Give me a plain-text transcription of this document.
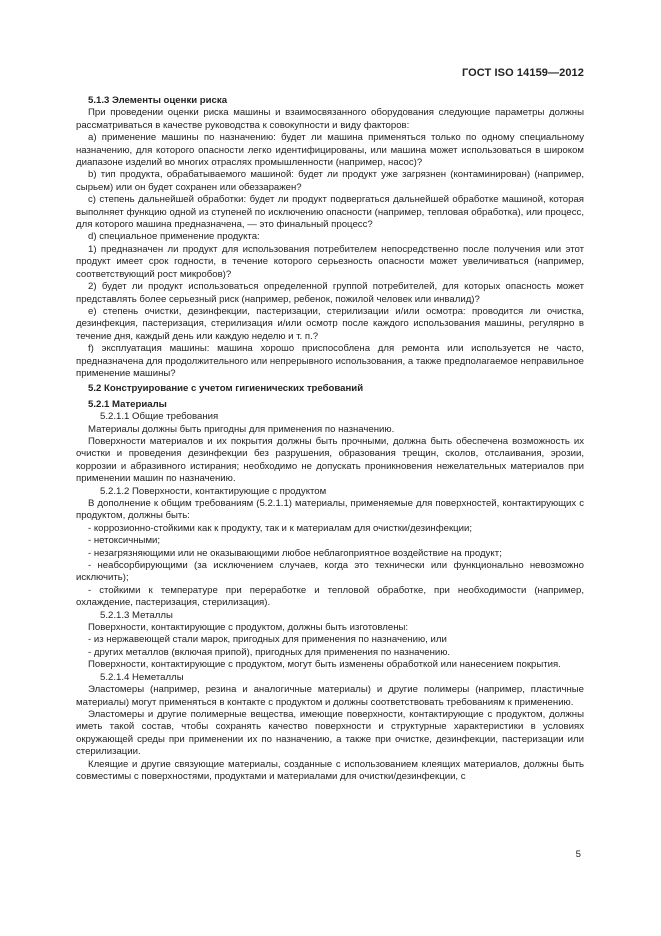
ГОСТ ISO 14159—2012

5.1.3 Элементы оценки риска

При проведении оценки риска машины и взаимосвязанного оборудования следующие параметры должны рассматриваться в качестве руководства к совокупности и виду факторов:

а) применение машины по назначению: будет ли машина применяться только по одному специальному назначению, для которого опасности легко идентифицированы, или машина может использоваться в широком диапазоне изделий во многих отраслях промышленности (например, насос)?

b) тип продукта, обрабатываемого машиной: будет ли продукт уже загрязнен (контаминирован) (например, сырьем) или он будет сохранен или обеззаражен?

c) степень дальнейшей обработки: будет ли продукт подвергаться дальнейшей обработке машиной, которая выполняет функцию одной из ступеней по исключению опасности (например, тепловая обработка), или процесс, для которого машина предназначена, — это финальный процесс?

d) специальное применение продукта:

1) предназначен ли продукт для использования потребителем непосредственно после получения или этот продукт имеет срок годности, в течение которого серьезность опасности может увеличиваться (например, соответствующий рост микробов)?

2) будет ли продукт использоваться определенной группой потребителей, для которых опасность может представлять более серьезный риск (например, ребенок, пожилой человек или инвалид)?

e) степень очистки, дезинфекции, пастеризации, стерилизации и/или осмотра: проводится ли очистка, дезинфекция, пастеризация, стерилизация и/или осмотр после каждого использования машины, регулярно в течение дня, каждый день или каждую неделю и т. п.?

f) эксплуатация машины: машина хорошо приспособлена для ремонта или используется не часто, предназначена для продолжительного или непрерывного использования, а также предполагаемое неправильное применение машины?

5.2 Конструирование с учетом гигиенических требований

5.2.1 Материалы

5.2.1.1 Общие требования

Материалы должны быть пригодны для применения по назначению.

Поверхности материалов и их покрытия должны быть прочными, должна быть обеспечена возможность их очистки и проведения дезинфекции без разрушения, образования трещин, сколов, отслаивания, эрозии, коррозии и абразивного истирания; необходимо не допускать проникновения нежелательных материалов при применении машин по назначению.

5.2.1.2 Поверхности, контактирующие с продуктом

В дополнение к общим требованиям (5.2.1.1) материалы, применяемые для поверхностей, контактирующих с продуктом, должны быть:

- коррозионно-стойкими как к продукту, так и к материалам для очистки/дезинфекции;

- нетоксичными;

- незагрязняющими или не оказывающими любое неблагоприятное воздействие на продукт;

- неабсорбирующими (за исключением случаев, когда это технически или функционально невозможно исключить);

- стойкими к температуре при переработке и тепловой обработке, при необходимости (например, охлаждение, пастеризация, стерилизация).

5.2.1.3 Металлы

Поверхности, контактирующие с продуктом, должны быть изготовлены:

- из нержавеющей стали марок, пригодных для применения по назначению, или

- других металлов (включая припой), пригодных для применения по назначению.

Поверхности, контактирующие с продуктом, могут быть изменены обработкой или нанесением покрытия.

5.2.1.4 Неметаллы

Эластомеры (например, резина и аналогичные материалы) и другие полимеры (например, пластичные материалы) могут применяться в контакте с продуктом и должны соответствовать требованиям к применению.

Эластомеры и другие полимерные вещества, имеющие поверхности, контактирующие с продуктом, должны иметь такой состав, чтобы сохранять качество поверхности и структурные характеристики в условиях окружающей среды при применении их по назначению, а также при очистке, дезинфекции, пастеризации или стерилизации.

Клеящие и другие связующие материалы, созданные с использованием клеящих материалов, должны быть совместимы с поверхностями, продуктами и материалами для очистки/дезинфекции, с

5
